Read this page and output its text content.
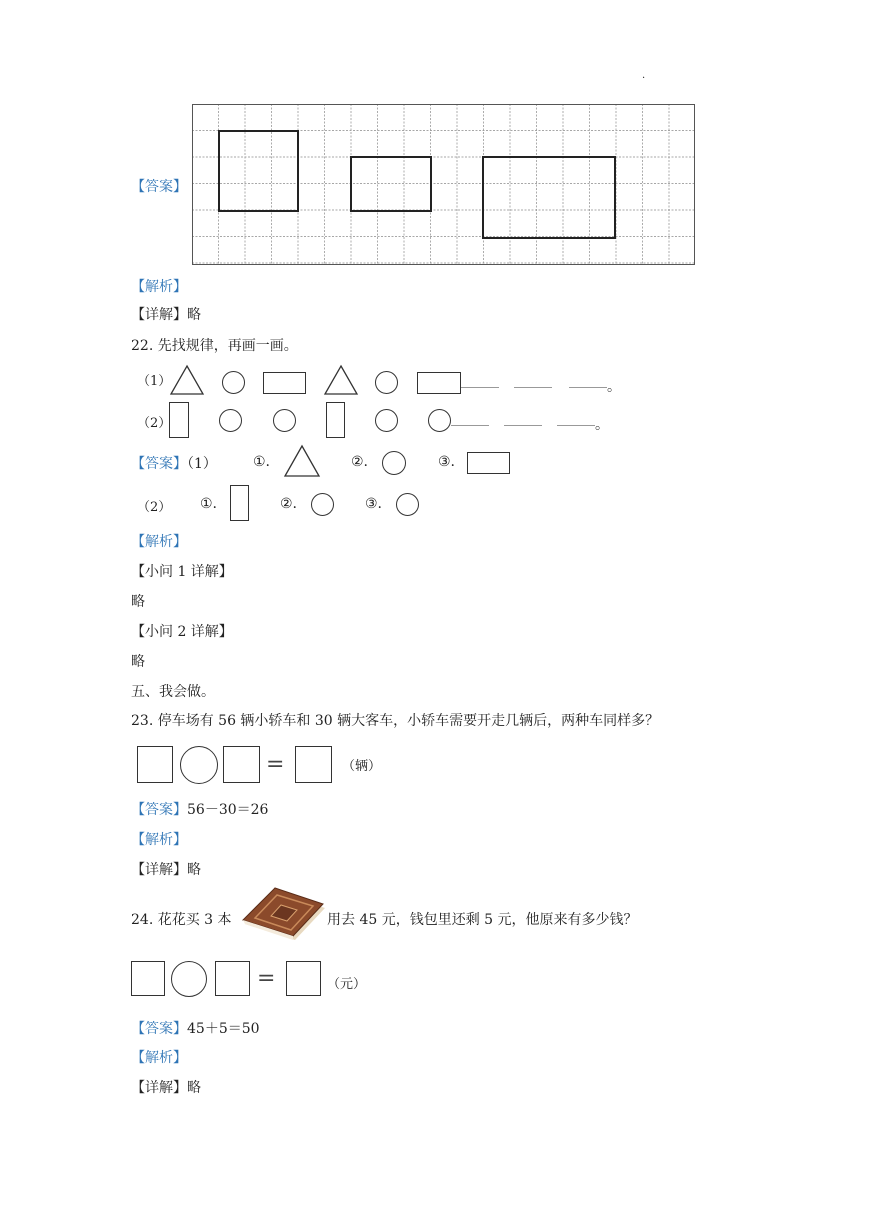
.
【答案】
【解析】
【详解】略
22. 先找规律，再画一画。
（1）	。
（2）	。
【答案】（1）	①.	②.	③.
（2） ①.	②.	③.
【解析】
【小问 1 详解】
略
【小问 2 详解】
略
五、我会做。
23. 停车场有 56 辆小轿车和 30 辆大客车，小轿车需要开走几辆后，两种车同样多？
=	（辆）
【答案】56－30＝26
【解析】
【详解】略
24. 花花买 3 本	用去 45 元，钱包里还剩 5 元，他原来有多少钱？
=	（元）
【答案】45＋5＝50
【解析】
【详解】略
